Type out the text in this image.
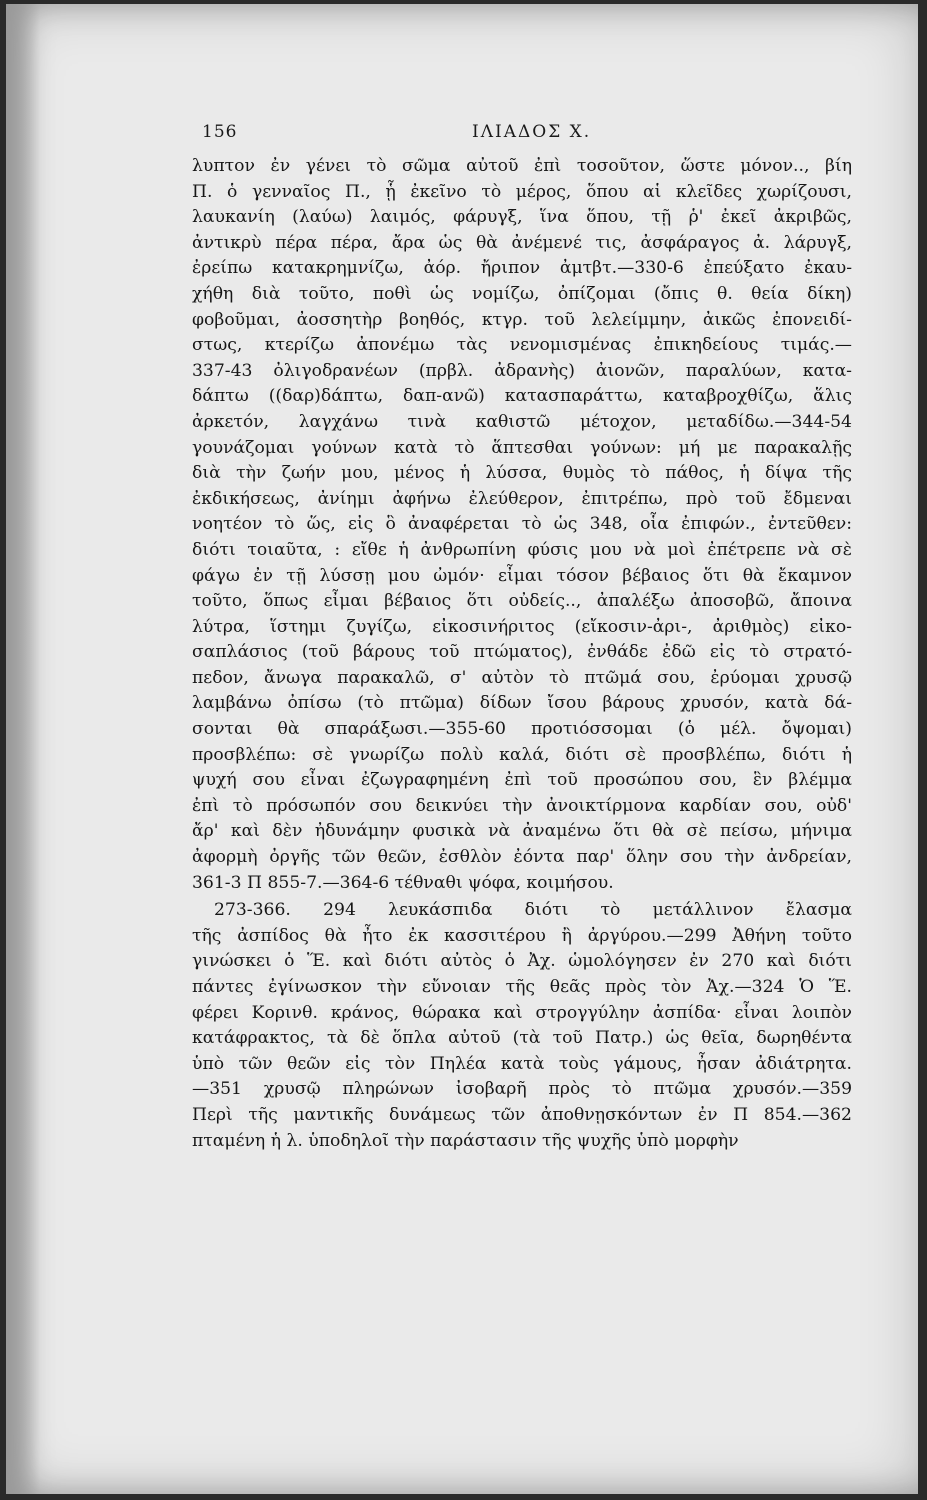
156	ΙΛΙΑΔΟΣ Χ.
λυπτον ἐν γένει τὸ σῶμα αὐτοῦ ἐπὶ τοσοῦτον, ὥστε μόνον.., βίη
Π. ὁ γενναῖος Π., ᾗ ἐκεῖνο τὸ μέρος, ὅπου αἱ κλεῖδες χωρίζουσι,
λαυκανίη (λαύω) λαιμός, φάρυγξ, ἵνα ὅπου, τῇ ῥ' ἐκεῖ ἀκριβῶς,
ἀντικρὺ πέρα πέρα, ἄρα ὡς θὰ ἀνέμενέ τις, ἀσφάραγος ἀ. λάρυγξ,
ἐρείπω κατακρημνίζω, ἀόρ. ἤριπον ἀμτβτ.—330-6 ἐπεύξατο ἐκαυ-
χήθη διὰ τοῦτο, ποθὶ ὡς νομίζω, ὀπίζομαι (ὄπις θ. θεία δίκη)
φοβοῦμαι, ἀοσσητὴρ βοηθός, κτγρ. τοῦ λελείμμην, ἀικῶς ἐπονειδί-
στως, κτερίζω ἀπονέμω τὰς νενομισμένας ἐπικηδείους τιμάς.—
337-43 ὀλιγοδρανέων (πρβλ. ἀδρανὴς) ἀιονῶν, παραλύων, κατα-
δάπτω ((δαρ)δάπτω, δαπ-ανῶ) κατασπαράττω, καταβροχθίζω, ἅλις
ἀρκετόν, λαγχάνω τινὰ καθιστῶ μέτοχον, μεταδίδω.—344-54
γουνάζομαι γούνων κατὰ τὸ ἅπτεσθαι γούνων: μή με παρακαλῇς
διὰ τὴν ζωήν μου, μένος ἡ λύσσα, θυμὸς τὸ πάθος, ἡ δίψα τῆς
ἐκδικήσεως, ἀνίημι ἀφήνω ἐλεύθερον, ἐπιτρέπω, πρὸ τοῦ ἔδμεναι
νοητέον τὸ ὥς, εἰς ὃ ἀναφέρεται τὸ ὡς 348, οἷα ἐπιφών., ἐντεῦθεν:
διότι τοιαῦτα, : εἴθε ἡ ἀνθρωπίνη φύσις μου νὰ μοὶ ἐπέτρεπε νὰ σὲ
φάγω ἐν τῇ λύσσῃ μου ὠμόν· εἶμαι τόσον βέβαιος ὅτι θὰ ἔκαμνον
τοῦτο, ὅπως εἶμαι βέβαιος ὅτι οὐδείς.., ἀπαλέξω ἀποσοβῶ, ἄποινα
λύτρα, ἵστημι ζυγίζω, εἰκοσινήριτος (εἴκοσιν-ἀρι-, ἀριθμὸς) εἰκο-
σαπλάσιος (τοῦ βάρους τοῦ πτώματος), ἐνθάδε ἐδῶ εἰς τὸ στρατό-
πεδον, ἄνωγα παρακαλῶ, σ' αὐτὸν τὸ πτῶμά σου, ἐρύομαι χρυσῷ
λαμβάνω ὀπίσω (τὸ πτῶμα) δίδων ἴσου βάρους χρυσόν, κατὰ δά-
σονται θὰ σπαράξωσι.—355-60 προτιόσσομαι (ὁ μέλ. ὄψομαι)
προσβλέπω: σὲ γνωρίζω πολὺ καλά, διότι σὲ προσβλέπω, διότι ἡ
ψυχή σου εἶναι ἐζωγραφημένη ἐπὶ τοῦ προσώπου σου, ἓν βλέμμα
ἐπὶ τὸ πρόσωπόν σου δεικνύει τὴν ἀνοικτίρμονα καρδίαν σου, οὐδ'
ἄρ' καὶ δὲν ἠδυνάμην φυσικὰ νὰ ἀναμένω ὅτι θὰ σὲ πείσω, μήνιμα
ἀφορμὴ ὀργῆς τῶν θεῶν, ἐσθλὸν ἐόντα παρ' ὅλην σου τὴν ἀνδρείαν,
361-3 Π 855-7.—364-6 τέθναθι ψόφα, κοιμήσου.
273-366. 294 λευκάσπιδα διότι τὸ μετάλλινον ἔλασμα
τῆς ἀσπίδος θὰ ἦτο ἐκ κασσιτέρου ἢ ἀργύρου.—299 Ἀθήνη τοῦτο
γινώσκει ὁ Ἕ. καὶ διότι αὐτὸς ὁ Ἀχ. ὡμολόγησεν ἐν 270 καὶ διότι
πάντες ἐγίνωσκον τὴν εὔνοιαν τῆς θεᾶς πρὸς τὸν Ἀχ.—324 Ὁ Ἕ.
φέρει Κορινθ. κράνος, θώρακα καὶ στρογγύλην ἀσπίδα· εἶναι λοιπὸν
κατάφρακτος, τὰ δὲ ὅπλα αὐτοῦ (τὰ τοῦ Πατρ.) ὡς θεῖα, δωρηθέντα
ὑπὸ τῶν θεῶν εἰς τὸν Πηλέα κατὰ τοὺς γάμους, ἦσαν ἀδιάτρητα.
—351 χρυσῷ πληρώνων ἰσοβαρῆ πρὸς τὸ πτῶμα χρυσόν.—359
Περὶ τῆς μαντικῆς δυνάμεως τῶν ἀποθνῃσκόντων ἐν Π 854.—362
πταμένη ἡ λ. ὑποδηλοῖ τὴν παράστασιν τῆς ψυχῆς ὑπὸ μορφὴν
